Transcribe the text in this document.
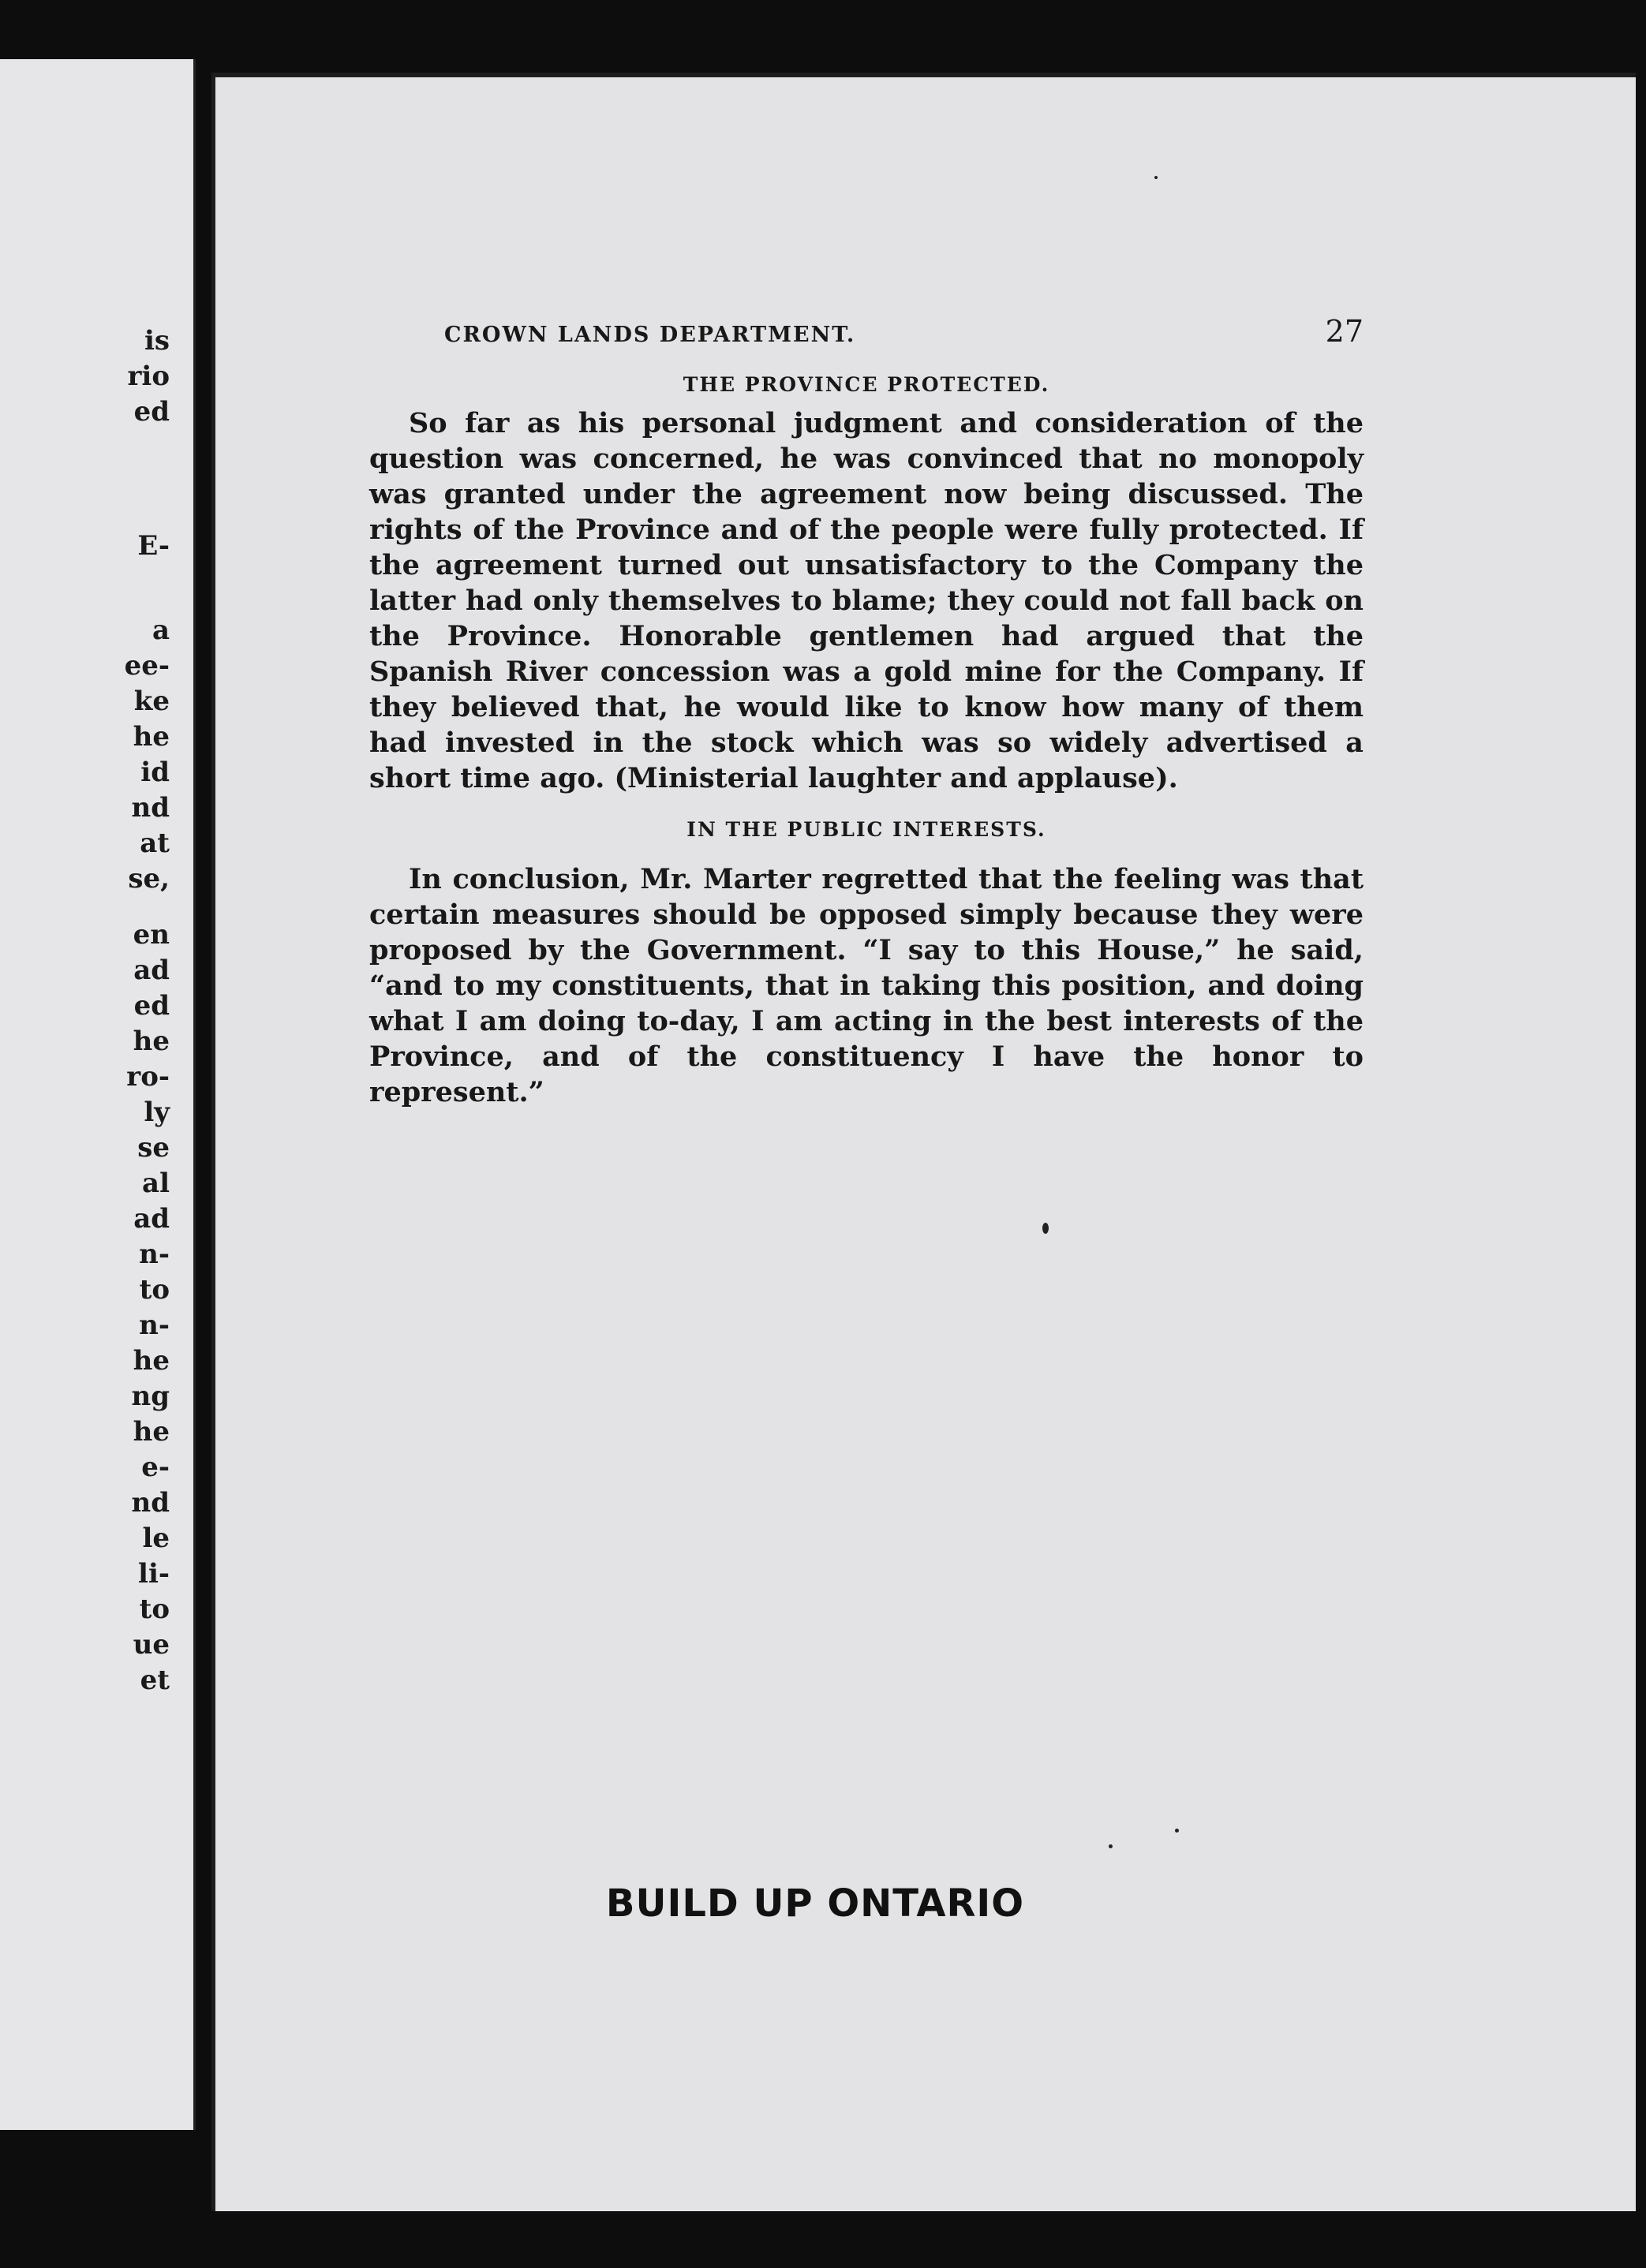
is
rio
ed
E-
a
ee-
ke
he
id
nd
at
se,
en
ad
ed
he
ro-
ly
se
al
ad
n-
to
n-
he
ng
he
e-
nd
le
li-
to
ue
et
CROWN LANDS DEPARTMENT.	27
THE PROVINCE PROTECTED.

So far as his personal judgment and consideration of the question was concerned, he was convinced that no monopoly was granted under the agreement now being discussed. The rights of the Province and of the people were fully protected. If the agreement turned out unsatisfactory to the Company the latter had only themselves to blame; they could not fall back on the Province. Honorable gentlemen had argued that the Spanish River concession was a gold mine for the Company. If they believed that, he would like to know how many of them had invested in the stock which was so widely advertised a short time ago. (Ministerial laughter and applause).

IN THE PUBLIC INTERESTS.

In conclusion, Mr. Marter regretted that the feeling was that certain measures should be opposed simply because they were proposed by the Government. “I say to this House,” he said, “and to my constituents, that in taking this position, and doing what I am doing to-day, I am acting in the best interests of the Province, and of the constituency I have the honor to represent.”

BUILD UP ONTARIO
